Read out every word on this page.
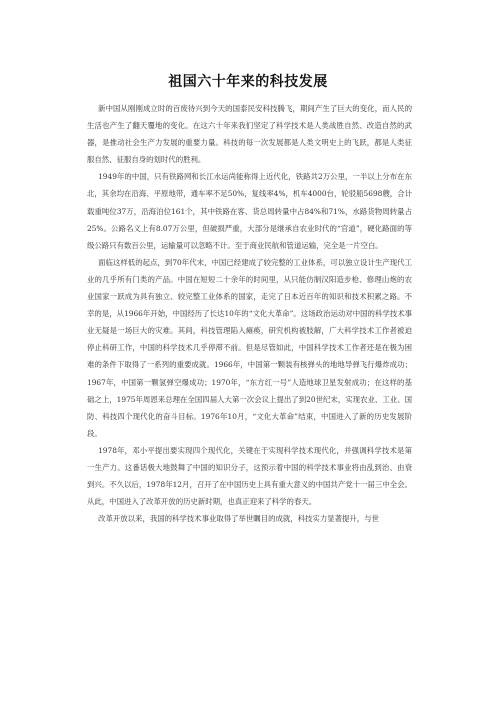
祖国六十年来的科技发展

新中国从刚刚成立时的百废待兴到今天的国泰民安科技腾飞，期间产生了巨大的变化，而人民的生活也产生了翻天覆地的变化。在这六十年来我们坚定了科学技术是人类战胜自然、改造自然的武器，是推动社会生产力发展的重要力量。科技的每一次发展都是人类文明史上的飞跃，都是人类征服自然、征服自身的划时代的胜利。

1949年的中国，只有铁路网和长江水运尚能称得上近代化，铁路共2万公里，一半以上分布在东北，其余均在沿海、平原地带，通车率不足50%，复线率4%，机车4000台，轮驳船5698艘，合计载重吨位37万，沿海泊位161个，其中铁路在客、货总周转量中占84%和71%，水路货物周转量占25%。公路名义上有8.07万公里，但破损严重，大部分是继承自农业时代的“官道”，硬化路面的等级公路只有数百公里，运输量可以忽略不计。至于商业民航和管道运输，完全是一片空白。

面临这样低的起点，到70年代末，中国已经建成了较完整的工业体系，可以独立设计生产现代工业的几乎所有门类的产品。中国在短短二十余年的时间里，从只能仿制汉阳造步枪、修理山炮的农业国家一跃成为具有独立、较完整工业体系的国家，走完了日本近百年的知识和技术积累之路。不幸的是，从1966年开始，中国经历了长达10年的“文化大革命”。这场政治运动对中国的科学技术事业无疑是一场巨大的灾难。其间，科技管理陷入瘫痪，研究机构被肢解，广大科学技术工作者被迫停止科研工作，中国的科学技术几乎停滞不前。但是尽管如此，中国科学技术工作者还是在极为困难的条件下取得了一系列的重要成就。1966年，中国第一颗装有核弹头的地地导弹飞行爆炸成功；1967年，中国第一颗氢弹空爆成功；1970年，“东方红一号”人造地球卫星发射成功；在这样的基础之上，1975年周恩来总理在全国四届人大第一次会议上提出了到20世纪末，实现农业、工业、国防、科技四个现代化的奋斗目标。1976年10月，“文化大革命”结束，中国进入了新的历史发展阶段。

1978年，邓小平提出要实现四个现代化，关键在于实现科学技术现代化，并强调科学技术是第一生产力。这番话极大地鼓舞了中国的知识分子，这预示着中国的科学技术事业将由乱到治、由衰到兴。不久以后，1978年12月，召开了在中国历史上具有重大意义的中国共产党十一届三中全会。从此，中国进入了改革开放的历史新时期，也真正迎来了科学的春天。

改革开放以来，我国的科学技术事业取得了举世瞩目的成就，科技实力显著提升，与世
